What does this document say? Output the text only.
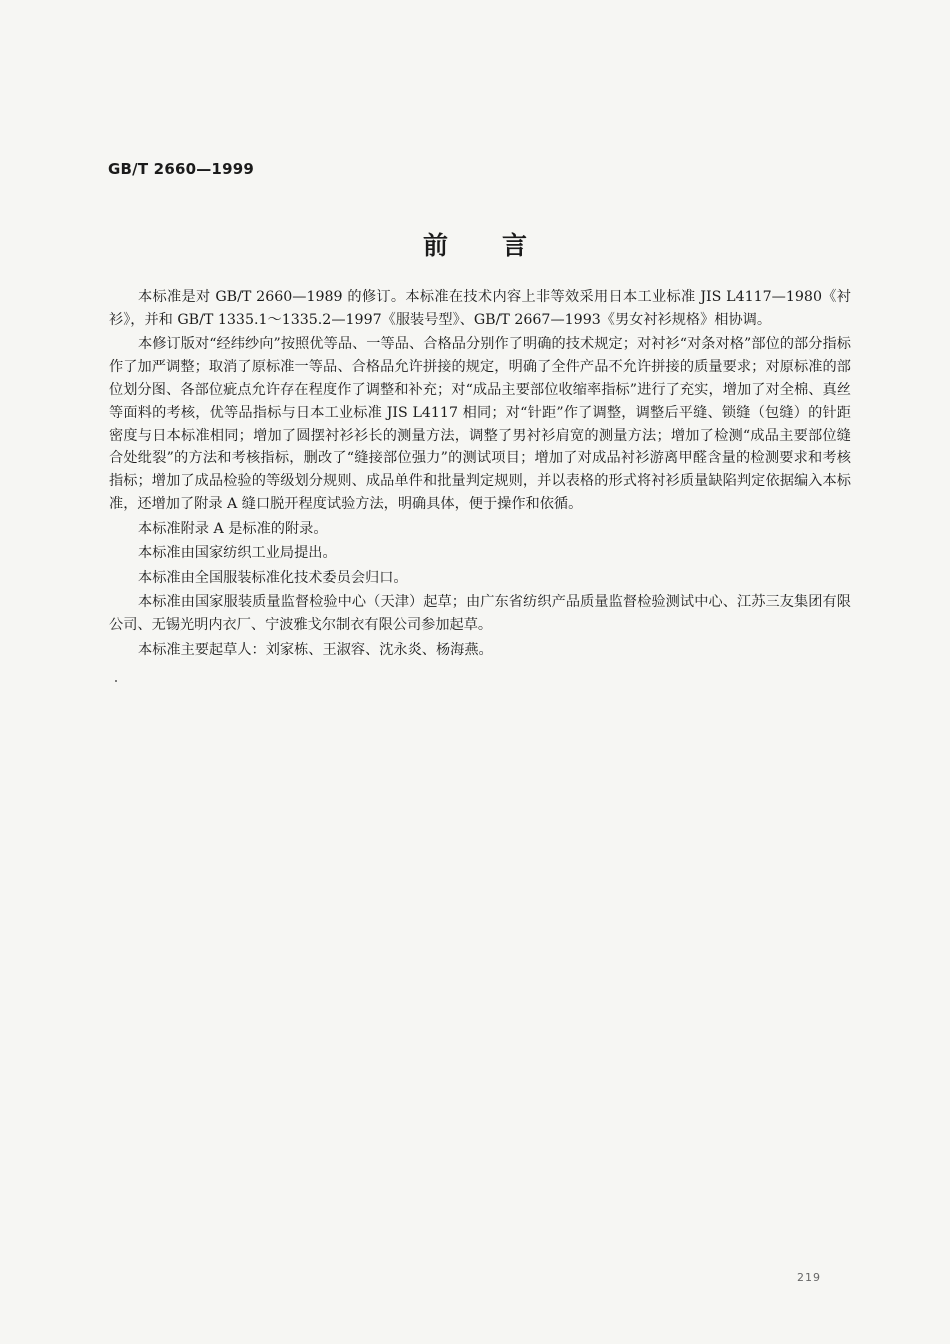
GB/T 2660—1999
前言

本标准是对 GB/T 2660—1989 的修订。本标准在技术内容上非等效采用日本工业标准 JIS L4117—1980《衬衫》，并和 GB/T 1335.1～1335.2—1997《服装号型》、GB/T 2667—1993《男女衬衫规格》相协调。

本修订版对“经纬纱向”按照优等品、一等品、合格品分别作了明确的技术规定；对衬衫“对条对格”部位的部分指标作了加严调整；取消了原标准一等品、合格品允许拼接的规定，明确了全件产品不允许拼接的质量要求；对原标准的部位划分图、各部位疵点允许存在程度作了调整和补充；对“成品主要部位收缩率指标”进行了充实，增加了对全棉、真丝等面料的考核，优等品指标与日本工业标准 JIS L4117 相同；对“针距”作了调整，调整后平缝、锁缝（包缝）的针距密度与日本标准相同；增加了圆摆衬衫衫长的测量方法，调整了男衬衫肩宽的测量方法；增加了检测“成品主要部位缝合处纰裂”的方法和考核指标，删改了“缝接部位强力”的测试项目；增加了对成品衬衫游离甲醛含量的检测要求和考核指标；增加了成品检验的等级划分规则、成品单件和批量判定规则，并以表格的形式将衬衫质量缺陷判定依据编入本标准，还增加了附录 A 缝口脱开程度试验方法，明确具体，便于操作和依循。

本标准附录 A 是标准的附录。

本标准由国家纺织工业局提出。

本标准由全国服装标准化技术委员会归口。

本标准由国家服装质量监督检验中心（天津）起草；由广东省纺织产品质量监督检验测试中心、江苏三友集团有限公司、无锡光明内衣厂、宁波雅戈尔制衣有限公司参加起草。

本标准主要起草人：刘家栋、王淑容、沈永炎、杨海燕。

219
